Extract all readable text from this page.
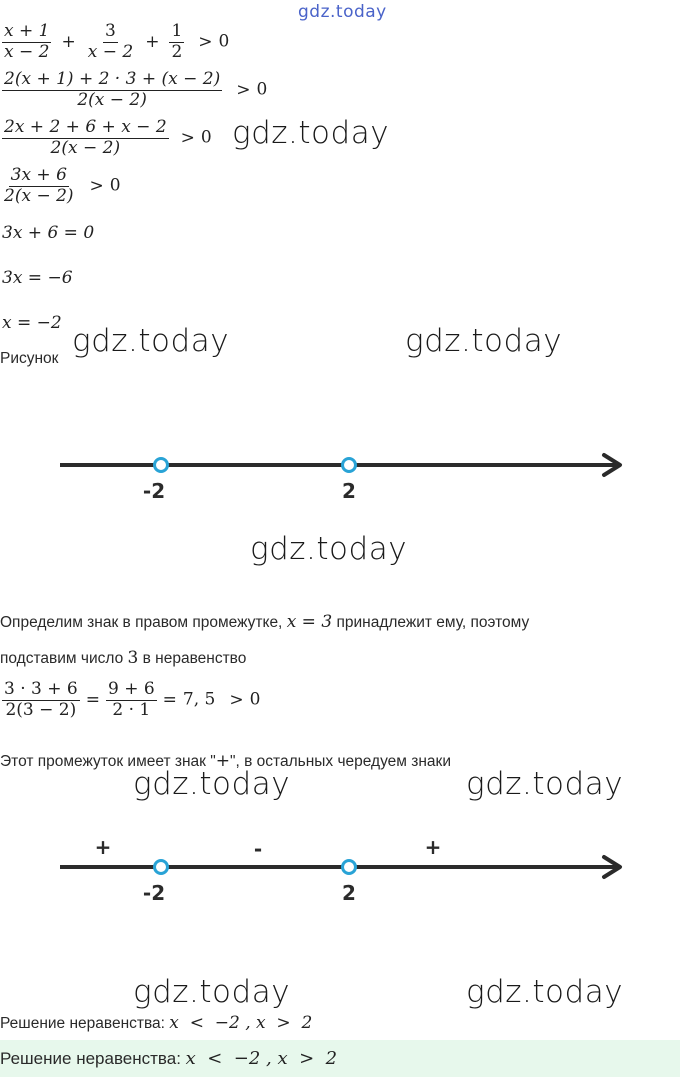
gdz.today
$\frac{x + 1}{x - 2} + \frac{3}{x - 2} + \frac{1}{2} > 0$
$\frac{2(x + 1) + 2 \cdot 3 + (x - 2)}{2(x - 2)} > 0$
$\frac{2x + 2 + 6 + x - 2}{2(x - 2)} > 0$ gdz.today
$\frac{3x + 6}{2(x - 2)} > 0$
3x + 6 = 0
3x = −6
x = −2
Рисунок gdz.today	gdz.today
-2	2
gdz.today
Определим знак в правом промежутке, x = 3 принадлежит ему, поэтому
подставим число 3 в неравенство
$\frac{3 \cdot 3 + 6}{2(3 - 2)} = \frac{9 + 6}{2 \cdot 1} = 7$, 5 > 0
Этот промежуток имеет знак "+", в остальных чередуем знаки
gdz.today	gdz.today
+	-	+
-2	2
gdz.today	gdz.today
Решение неравенства: x  <  −2 , x  >  2
Решение неравенства: x  <  −2 , x  >  2
